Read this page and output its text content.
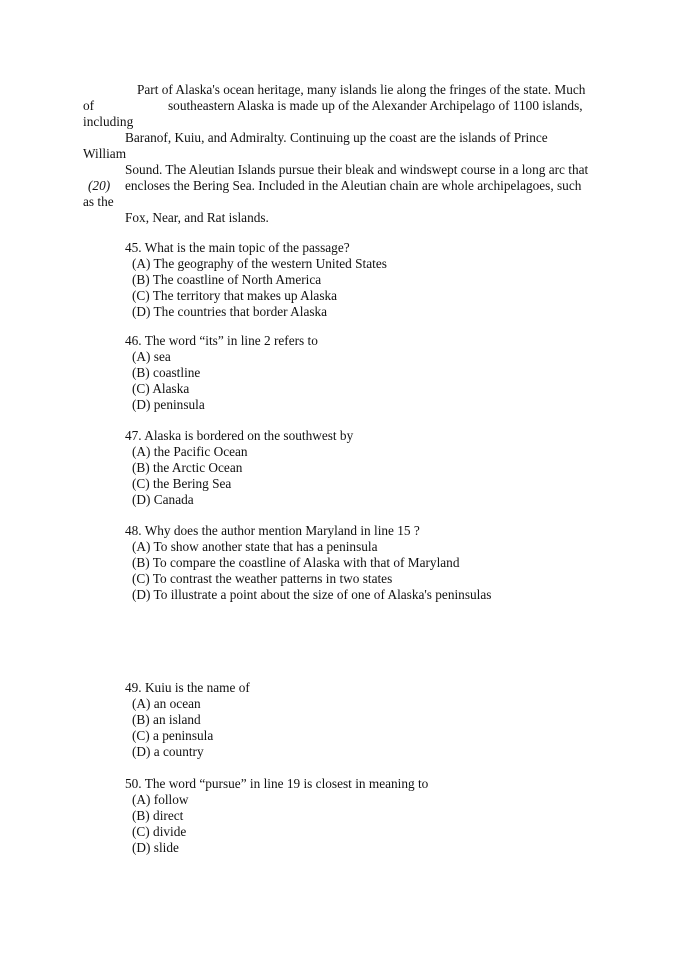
Part of Alaska's ocean heritage, many islands lie along the fringes of the state. Much
of	southeastern Alaska is made up of the Alexander Archipelago of 1100 islands,
including
Baranof, Kuiu, and Admiralty. Continuing up the coast are the islands of Prince
William
Sound. The Aleutian Islands pursue their bleak and windswept course in a long arc that
(20) encloses the Bering Sea. Included in the Aleutian chain are whole archipelagoes, such
as the
Fox, Near, and Rat islands.
45. What is the main topic of the passage?
(A) The geography of the western United States
(B) The coastline of North America
(C) The territory that makes up Alaska
(D) The countries that border Alaska
46. The word “its” in line 2 refers to
(A) sea
(B) coastline
(C) Alaska
(D) peninsula
47. Alaska is bordered on the southwest by
(A) the Pacific Ocean
(B) the Arctic Ocean
(C) the Bering Sea
(D) Canada
48. Why does the author mention Maryland in line 15 ?
(A) To show another state that has a peninsula
(B) To compare the coastline of Alaska with that of Maryland
(C) To contrast the weather patterns in two states
(D) To illustrate a point about the size of one of Alaska's peninsulas
49. Kuiu is the name of
(A) an ocean
(B) an island
(C) a peninsula
(D) a country
50. The word “pursue” in line 19 is closest in meaning to
(A) follow
(B) direct
(C) divide
(D) slide
